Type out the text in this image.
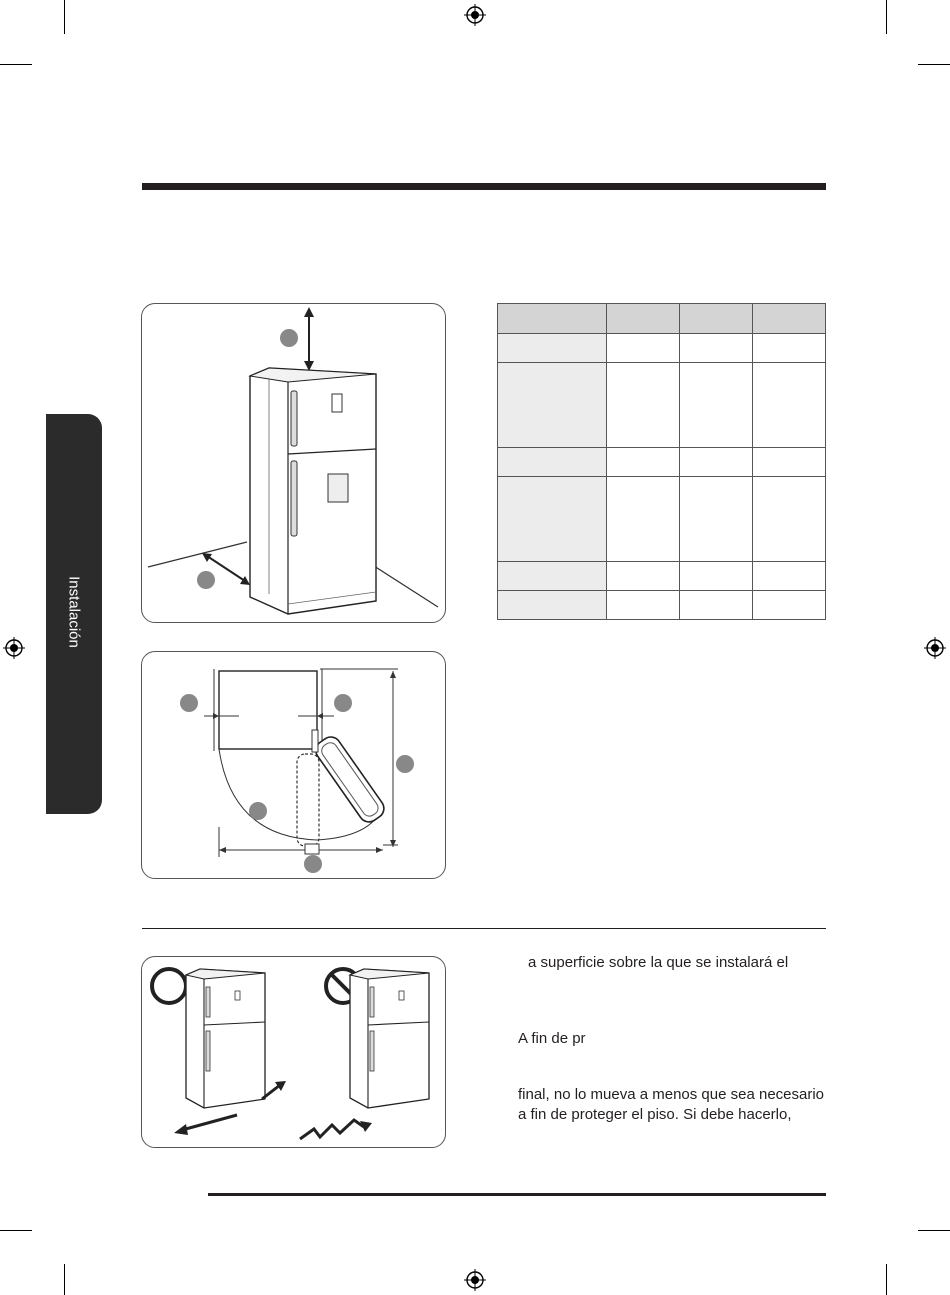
Instalación

a superficie sobre la que se instalará el
A fin de pr
final, no lo mueva a menos que sea necesario
a fin de proteger el piso. Si debe hacerlo,
